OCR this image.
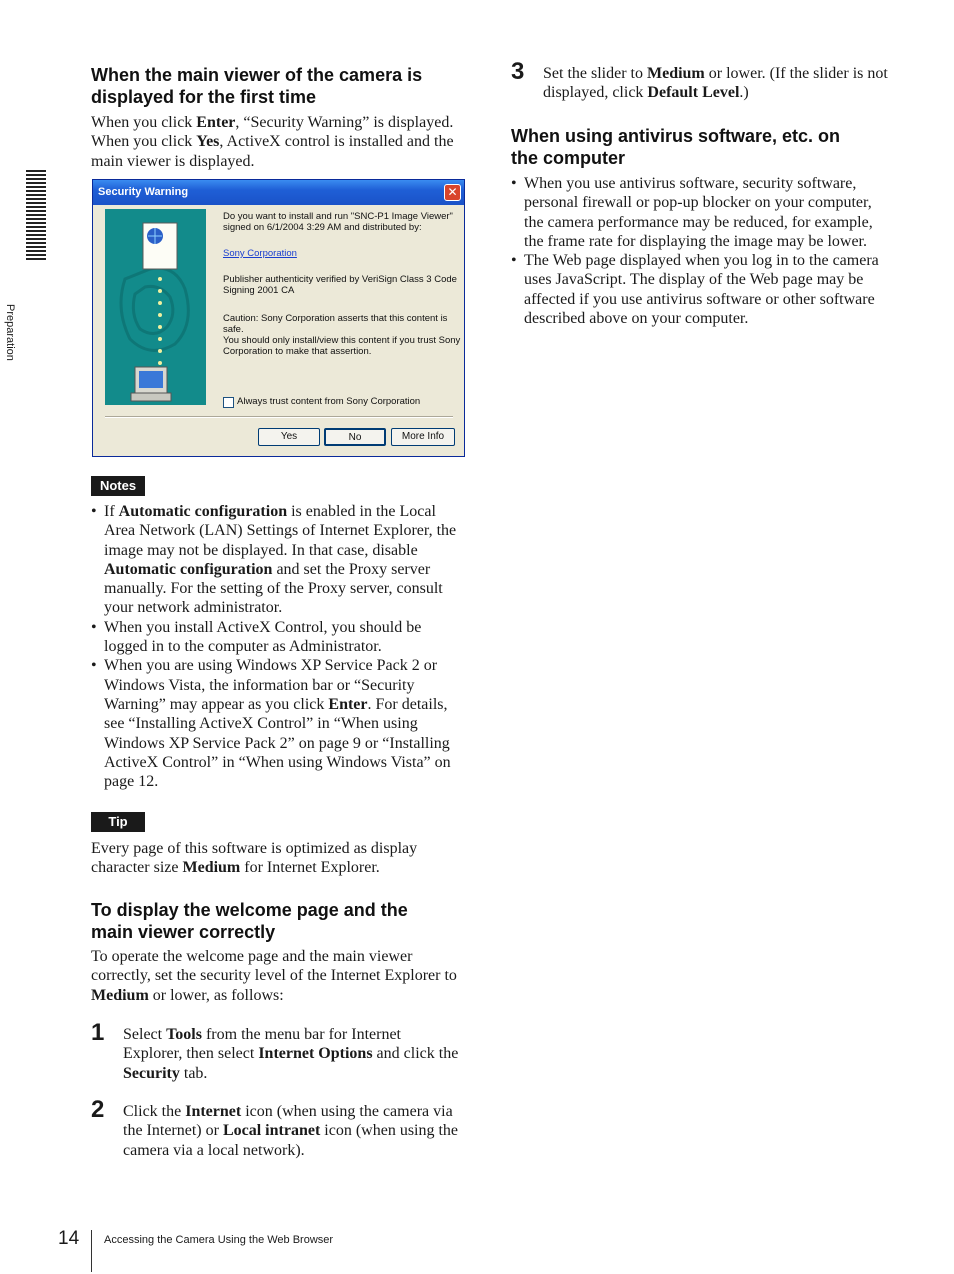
Preparation
When the main viewer of the camera is
displayed for the first time

When you click Enter, “Security Warning” is displayed.
When you click Yes, ActiveX control is installed and the
main viewer is displayed.

Security Warning	✕
Do you want to install and run "SNC-P1 Image Viewer"
signed on 6/1/2004 3:29 AM and distributed by:
Sony Corporation
Publisher authenticity verified by VeriSign Class 3 Code
Signing 2001 CA
Caution: Sony Corporation asserts that this content is safe.
You should only install/view this content if you trust Sony
Corporation to make that assertion.
Always trust content from Sony Corporation
Yes	No	More Info
Notes
• If Automatic configuration is enabled in the Local Area Network (LAN) Settings of Internet Explorer, the image may not be displayed. In that case, disable Automatic configuration and set the Proxy server manually. For the setting of the Proxy server, consult your network administrator.
• When you install ActiveX Control, you should be logged in to the computer as Administrator.
• When you are using Windows XP Service Pack 2 or Windows Vista, the information bar or “Security Warning” may appear as you click Enter. For details, see “Installing ActiveX Control” in “When using Windows XP Service Pack 2” on page 9 or “Installing ActiveX Control” in “When using Windows Vista” on page 12.
Tip

Every page of this software is optimized as display character size Medium for Internet Explorer.

To display the welcome page and the
main viewer correctly

To operate the welcome page and the main viewer correctly, set the security level of the Internet Explorer to Medium or lower, as follows:

1 Select Tools from the menu bar for Internet Explorer, then select Internet Options and click the Security tab.

2 Click the Internet icon (when using the camera via the Internet) or Local intranet icon (when using the camera via a local network).

3 Set the slider to Medium or lower. (If the slider is not displayed, click Default Level.)

When using antivirus software, etc. on
the computer
• When you use antivirus software, security software, personal firewall or pop-up blocker on your computer, the camera performance may be reduced, for example, the frame rate for displaying the image may be lower.
• The Web page displayed when you log in to the camera uses JavaScript. The display of the Web page may be affected if you use antivirus software or other software described above on your computer.
14 Accessing the Camera Using the Web Browser
